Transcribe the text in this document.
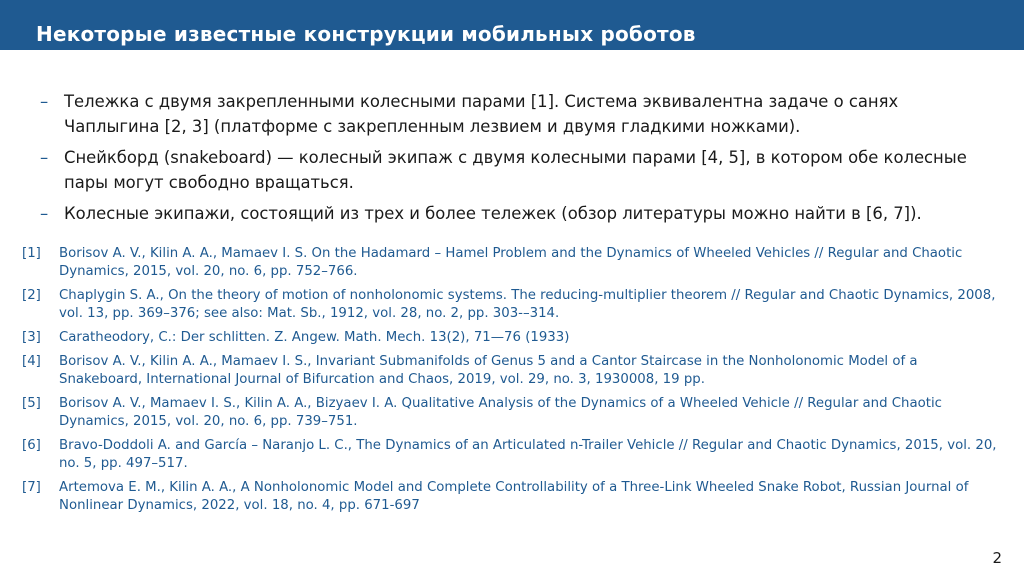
Некоторые известные конструкции мобильных роботов
– Тележка с двумя закрепленными колесными парами [1]. Система эквивалентна задаче о санях Чаплыгина [2, 3] (платформе с закрепленным лезвием и двумя гладкими ножками).
– Снейкборд (snakeboard) — колесный экипаж с двумя колесными парами [4, 5], в котором обе колесные пары могут свободно вращаться.
– Колесные экипажи, состоящий из трех и более тележек (обзор литературы можно найти в [6, 7]).
[1] Borisov A. V., Kilin A. A., Mamaev I. S. On the Hadamard – Hamel Problem and the Dynamics of Wheeled Vehicles // Regular and Chaotic Dynamics, 2015, vol. 20, no. 6, pp. 752–766.
[2] Chaplygin S. A., On the theory of motion of nonholonomic systems. The reducing-multiplier theorem // Regular and Chaotic Dynamics, 2008, vol. 13, pp. 369–376; see also: Mat. Sb., 1912, vol. 28, no. 2, pp. 303-–314.
[3] Caratheodory, C.: Der schlitten. Z. Angew. Math. Mech. 13(2), 71—76 (1933)
[4] Borisov A. V., Kilin A. A., Mamaev I. S., Invariant Submanifolds of Genus 5 and a Cantor Staircase in the Nonholonomic Model of a Snakeboard, International Journal of Bifurcation and Chaos, 2019, vol. 29, no. 3, 1930008, 19 pp.
[5] Borisov A. V., Mamaev I. S., Kilin A. A., Bizyaev I. A. Qualitative Analysis of the Dynamics of a Wheeled Vehicle // Regular and Chaotic Dynamics, 2015, vol. 20, no. 6, pp. 739–751.
[6] Bravo-Doddoli A. and García – Naranjo L. C., The Dynamics of an Articulated n-Trailer Vehicle // Regular and Chaotic Dynamics, 2015, vol. 20, no. 5, pp. 497–517.
[7] Artemova E. M., Kilin A. A., A Nonholonomic Model and Complete Controllability of a Three-Link Wheeled Snake Robot, Russian Journal of Nonlinear Dynamics, 2022, vol. 18, no. 4, pp. 671-697
2
